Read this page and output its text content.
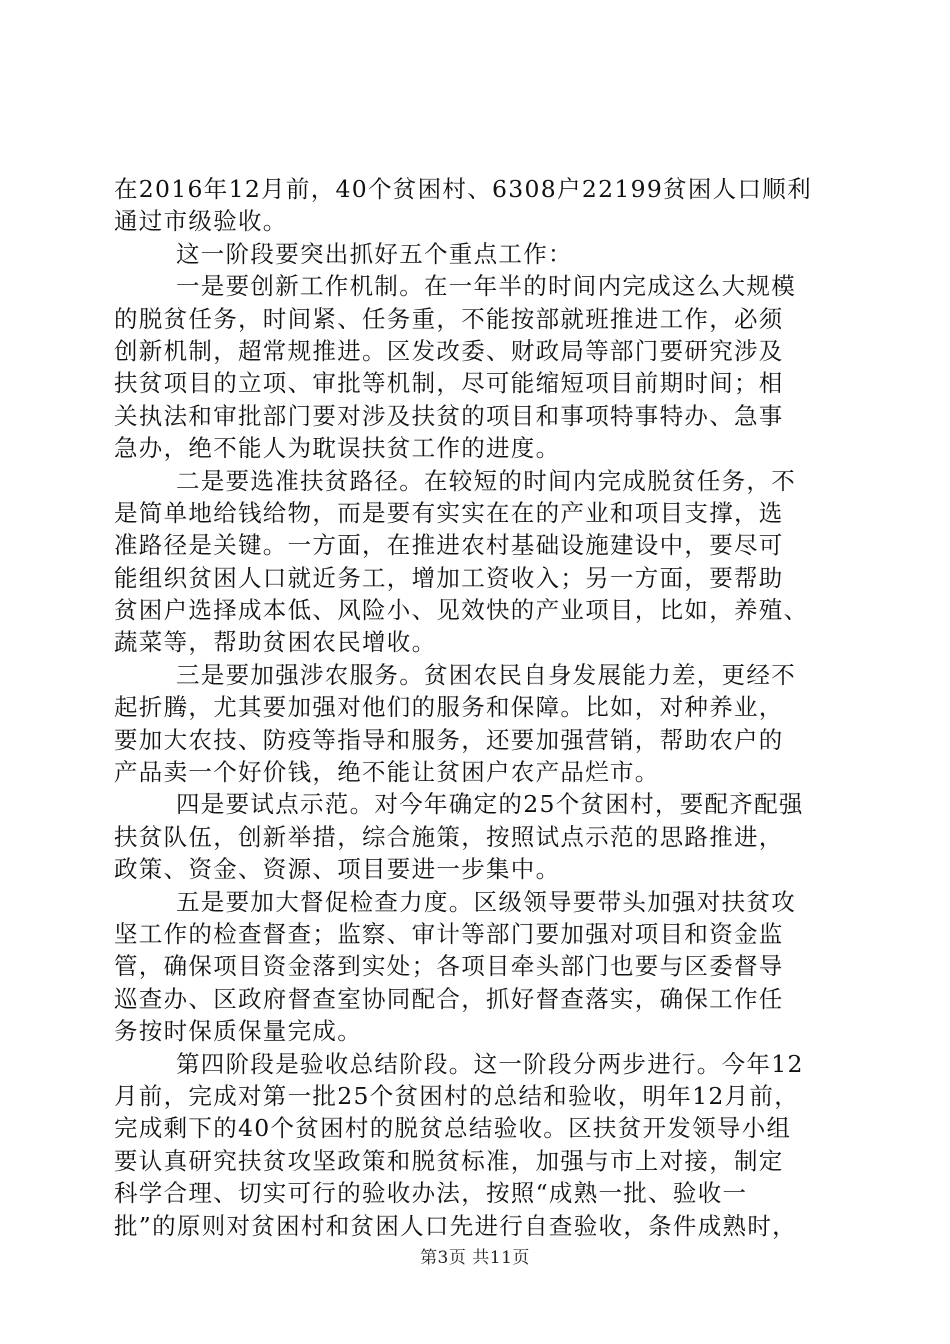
在2016年12月前，40个贫困村、6308户22199贫困人口顺利
通过市级验收。
这一阶段要突出抓好五个重点工作：
一是要创新工作机制。在一年半的时间内完成这么大规模
的脱贫任务，时间紧、任务重，不能按部就班推进工作，必须
创新机制，超常规推进。区发改委、财政局等部门要研究涉及
扶贫项目的立项、审批等机制，尽可能缩短项目前期时间；相
关执法和审批部门要对涉及扶贫的项目和事项特事特办、急事
急办，绝不能人为耽误扶贫工作的进度。
二是要选准扶贫路径。在较短的时间内完成脱贫任务，不
是简单地给钱给物，而是要有实实在在的产业和项目支撑，选
准路径是关键。一方面，在推进农村基础设施建设中，要尽可
能组织贫困人口就近务工，增加工资收入；另一方面，要帮助
贫困户选择成本低、风险小、见效快的产业项目，比如，养殖、
蔬菜等，帮助贫困农民增收。
三是要加强涉农服务。贫困农民自身发展能力差，更经不
起折腾，尤其要加强对他们的服务和保障。比如，对种养业，
要加大农技、防疫等指导和服务，还要加强营销，帮助农户的
产品卖一个好价钱，绝不能让贫困户农产品烂市。
四是要试点示范。对今年确定的25个贫困村，要配齐配强
扶贫队伍，创新举措，综合施策，按照试点示范的思路推进，
政策、资金、资源、项目要进一步集中。
五是要加大督促检查力度。区级领导要带头加强对扶贫攻
坚工作的检查督查；监察、审计等部门要加强对项目和资金监
管，确保项目资金落到实处；各项目牵头部门也要与区委督导
巡查办、区政府督查室协同配合，抓好督查落实，确保工作任
务按时保质保量完成。
第四阶段是验收总结阶段。这一阶段分两步进行。今年12
月前，完成对第一批25个贫困村的总结和验收，明年12月前，
完成剩下的40个贫困村的脱贫总结验收。区扶贫开发领导小组
要认真研究扶贫攻坚政策和脱贫标准，加强与市上对接，制定
科学合理、切实可行的验收办法，按照“成熟一批、验收一
批”的原则对贫困村和贫困人口先进行自查验收，条件成熟时，
第3页 共11页
